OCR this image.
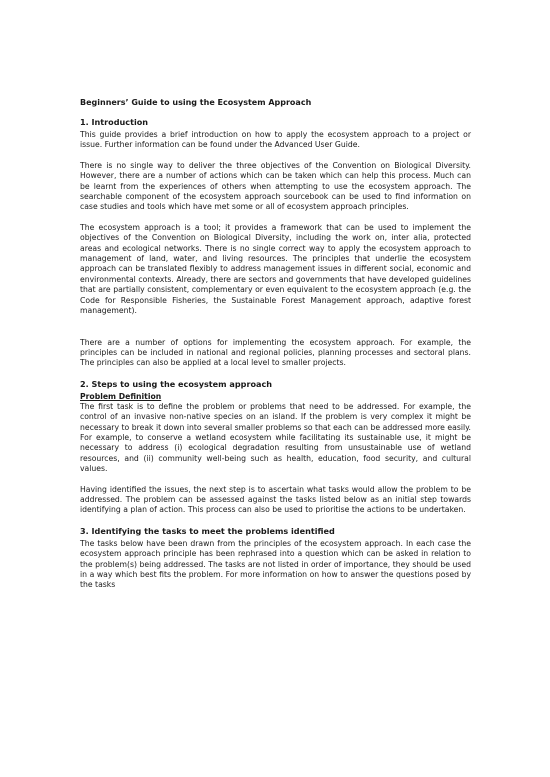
Beginners’ Guide to using the Ecosystem Approach
1. Introduction

This guide provides a brief introduction on how to apply the ecosystem approach to a project or issue. Further information can be found under the Advanced User Guide.

There is no single way to deliver the three objectives of the Convention on Biological Diversity. However, there are a number of actions which can be taken which can help this process. Much can be learnt from the experiences of others when attempting to use the ecosystem approach. The searchable component of the ecosystem approach sourcebook can be used to find information on case studies and tools which have met some or all of ecosystem approach principles.

The ecosystem approach is a tool; it provides a framework that can be used to implement the objectives of the Convention on Biological Diversity, including the work on, inter alia, protected areas and ecological networks. There is no single correct way to apply the ecosystem approach to management of land, water, and living resources. The principles that underlie the ecosystem approach can be translated flexibly to address management issues in different social, economic and environmental contexts. Already, there are sectors and governments that have developed guidelines that are partially consistent, complementary or even equivalent to the ecosystem approach (e.g. the Code for Responsible Fisheries, the Sustainable Forest Management approach, adaptive forest management).

There are a number of options for implementing the ecosystem approach. For example, the principles can be included in national and regional policies, planning processes and sectoral plans. The principles can also be applied at a local level to smaller projects.

2. Steps to using the ecosystem approach
Problem Definition

The first task is to define the problem or problems that need to be addressed. For example, the control of an invasive non-native species on an island. If the problem is very complex it might be necessary to break it down into several smaller problems so that each can be addressed more easily. For example, to conserve a wetland ecosystem while facilitating its sustainable use, it might be necessary to address (i) ecological degradation resulting from unsustainable use of wetland resources, and (ii) community well-being such as health, education, food security, and cultural values.

Having identified the issues, the next step is to ascertain what tasks would allow the problem to be addressed. The problem can be assessed against the tasks listed below as an initial step towards identifying a plan of action. This process can also be used to prioritise the actions to be undertaken.

3. Identifying the tasks to meet the problems identified

The tasks below have been drawn from the principles of the ecosystem approach. In each case the ecosystem approach principle has been rephrased into a question which can be asked in relation to the problem(s) being addressed. The tasks are not listed in order of importance, they should be used in a way which best fits the problem. For more information on how to answer the questions posed by the tasks
